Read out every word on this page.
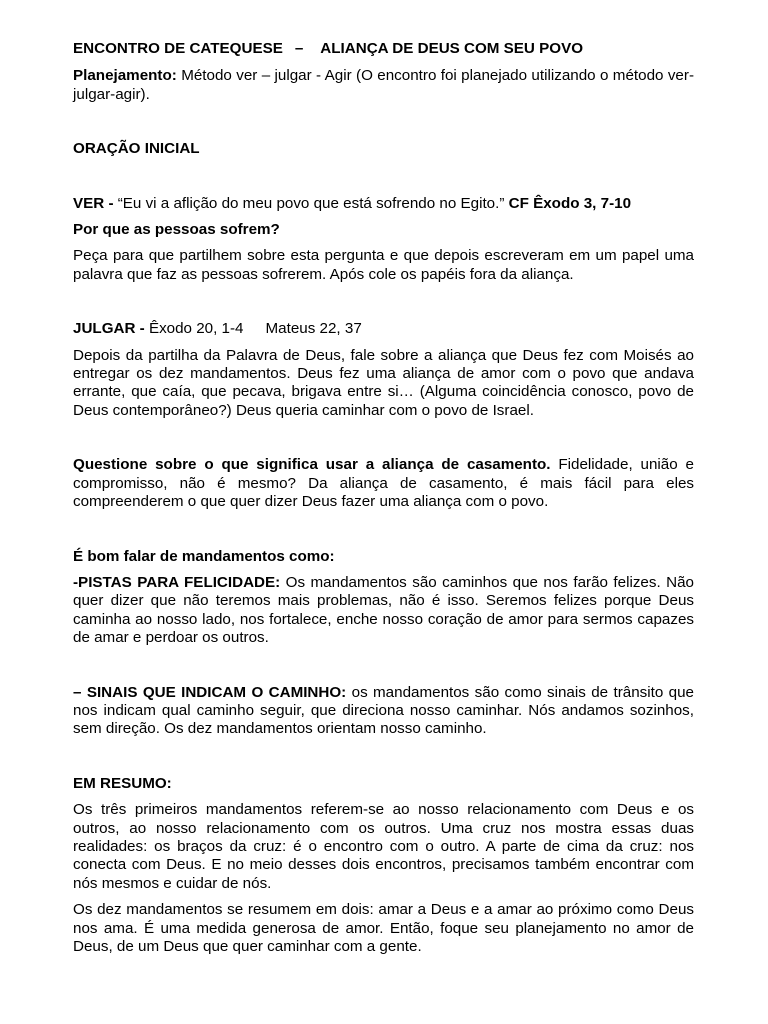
ENCONTRO DE CATEQUESE – ALIANÇA DE DEUS COM SEU POVO

Planejamento: Método ver – julgar - Agir (O encontro foi planejado utilizando o método ver-julgar-agir).

ORAÇÃO INICIAL

VER - “Eu vi a aflição do meu povo que está sofrendo no Egito.” CF Êxodo 3, 7-10

Por que as pessoas sofrem?

Peça para que partilhem sobre esta pergunta e que depois escreveram em um papel uma palavra que faz as pessoas sofrerem. Após cole os papéis fora da aliança.

JULGAR - Êxodo 20, 1-4 Mateus 22, 37

Depois da partilha da Palavra de Deus, fale sobre a aliança que Deus fez com Moisés ao entregar os dez mandamentos. Deus fez uma aliança de amor com o povo que andava errante, que caía, que pecava, brigava entre si… (Alguma coincidência conosco, povo de Deus contemporâneo?) Deus queria caminhar com o povo de Israel.

Questione sobre o que significa usar a aliança de casamento. Fidelidade, união e compromisso, não é mesmo? Da aliança de casamento, é mais fácil para eles compreenderem o que quer dizer Deus fazer uma aliança com o povo.

É bom falar de mandamentos como:

-PISTAS PARA FELICIDADE: Os mandamentos são caminhos que nos farão felizes. Não quer dizer que não teremos mais problemas, não é isso. Seremos felizes porque Deus caminha ao nosso lado, nos fortalece, enche nosso coração de amor para sermos capazes de amar e perdoar os outros.

– SINAIS QUE INDICAM O CAMINHO: os mandamentos são como sinais de trânsito que nos indicam qual caminho seguir, que direciona nosso caminhar. Nós andamos sozinhos, sem direção. Os dez mandamentos orientam nosso caminho.

EM RESUMO:

Os três primeiros mandamentos referem-se ao nosso relacionamento com Deus e os outros, ao nosso relacionamento com os outros. Uma cruz nos mostra essas duas realidades: os braços da cruz: é o encontro com o outro. A parte de cima da cruz: nos conecta com Deus. E no meio desses dois encontros, precisamos também encontrar com nós mesmos e cuidar de nós.

Os dez mandamentos se resumem em dois: amar a Deus e a amar ao próximo como Deus nos ama. É uma medida generosa de amor. Então, foque seu planejamento no amor de Deus, de um Deus que quer caminhar com a gente.
